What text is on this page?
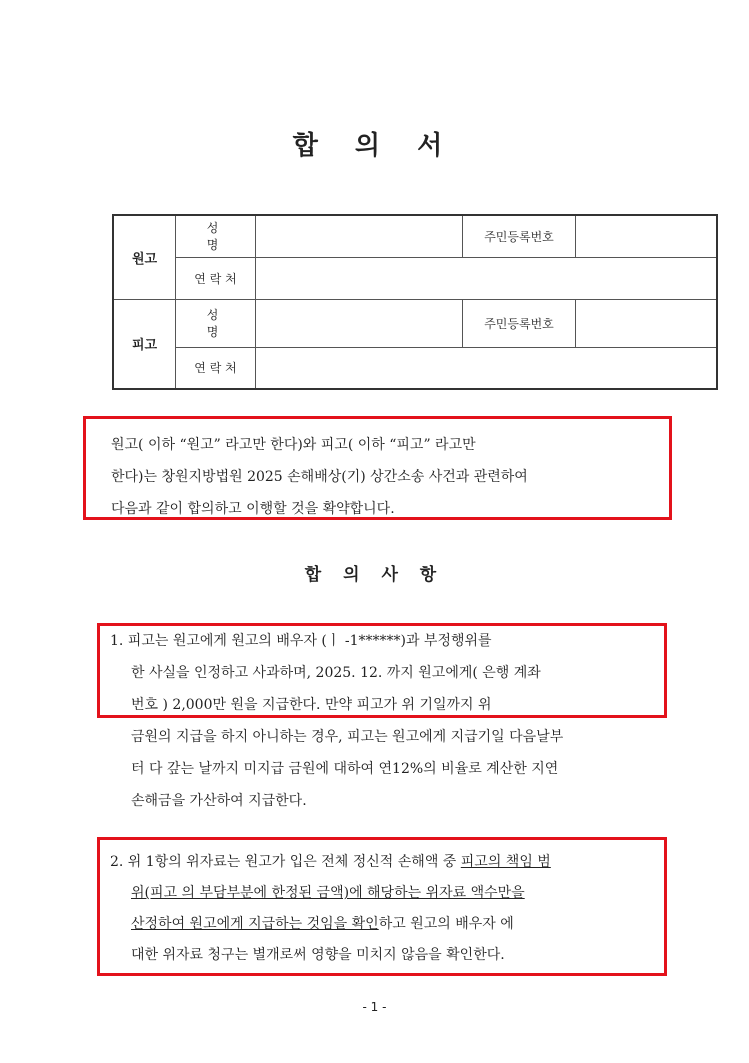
합 의 서
원고	성 명		주민등록번호	
	연 락 처			
피고	성 명		주민등록번호	
	연 락 처			
원고( 이하 “원고” 라고만 한다)와 피고( 이하 “피고” 라고만
한다)는 창원지방법원 2025 손해배상(기) 상간소송 사건과 관련하여
다음과 같이 합의하고 이행할 것을 확약합니다.
합 의 사 항
1. 피고는 원고에게 원고의 배우자 (ㅣ -1******)과 부정행위를
한 사실을 인정하고 사과하며, 2025. 12. 까지 원고에게( 은행 계좌
번호 ) 2,000만 원을 지급한다. 만약 피고가 위 기일까지 위
금원의 지급을 하지 아니하는 경우, 피고는 원고에게 지급기일 다음날부
터 다 갚는 날까지 미지급 금원에 대하여 연12%의 비율로 계산한 지연
손해금을 가산하여 지급한다.
2. 위 1항의 위자료는 원고가 입은 전체 정신적 손해액 중 피고의 책임 범
위(피고 의 부담부분에 한정된 금액)에 해당하는 위자료 액수만을
산정하여 원고에게 지급하는 것임을 확인하고 원고의 배우자 에
대한 위자료 청구는 별개로써 영향을 미치지 않음을 확인한다.
- 1 -
